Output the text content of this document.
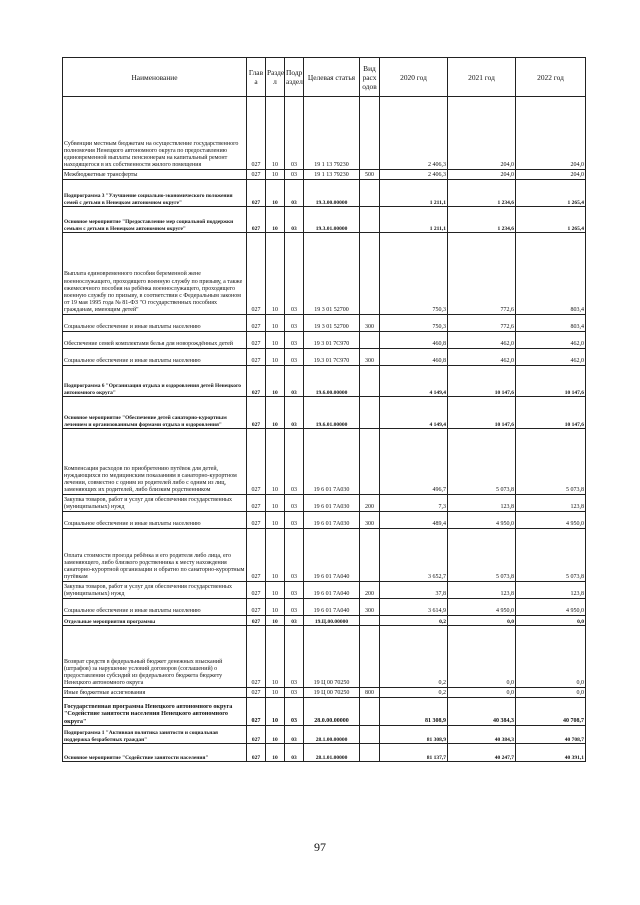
Наименование	Глав а	Разде л	Подр аздел	Целевая статья	Вид расх одов	2020 год	2021 год	2022 год
Субвенции местным бюджетам на осуществление государственного полномочия Ненецкого автономного округа по предоставлению единовременной выплаты пенсионерам на капитальный ремонт находящегося в их собственности жилого помещения	027	10	03	19 1 13 79230		2 406,3	204,0	204,0
Межбюджетные трансферты	027	10	03	19 1 13 79230	500	2 406,3	204,0	204,0
Подпрограмма 3 "Улучшение социально-экономического положения семей с детьми в Ненецком автономном округе"	027	10	03	19.3.00.00000		1 211,1	1 234,6	1 265,4
Основное мероприятие "Предоставление мер социальной поддержки семьям с детьми в Ненецком автономном округе"	027	10	03	19.3.01.00000		1 211,1	1 234,6	1 265,4
Выплата единовременного пособия беременной жене военнослужащего, проходящего военную службу по призыву, а также ежемесячного пособия на ребёнка военнослужащего, проходящего военную службу по призыву, в соответствии с Федеральным законом от 19 мая 1995 года № 81-ФЗ "О государственных пособиях гражданам, имеющим детей"	027	10	03	19 3 01 52700		750,3	772,6	803,4
Социальное обеспечение и иные выплаты населению	027	10	03	19 3 01 52700	300	750,3	772,6	803,4
Обеспечение семей комплектами белья для новорождённых детей	027	10	03	19 3 01 7С970		460,8	462,0	462,0
Социальное обеспечение и иные выплаты населению	027	10	03	19.3 01 7С970	300	460,8	462,0	462,0
Подпрограмма 6 "Организация отдыха и оздоровления детей Ненецкого автономного округа"	027	10	03	19.6.00.00000		4 149,4	10 147,6	10 147,6
Основное мероприятие "Обеспечение детей санаторно-курортным лечением и организованными формами отдыха и оздоровления"	027	10	03	19.6.01.00000		4 149,4	10 147,6	10 147,6
Компенсация расходов по приобретению путёвок для детей, нуждающихся по медицинским показаниям в санаторно-курортном лечении, совместно с одним из родителей либо с одним из лиц, заменяющих их родителей, либо близким родственником	027	10	03	19 6 01 7А030		496,7	5 073,8	5 073,8
Закупка товаров, работ и услуг для обеспечения государственных (муниципальных) нужд	027	10	03	19 6 01 7А030	200	7,3	123,8	123,8
Социальное обеспечение и иные выплаты населению	027	10	03	19 6 01 7А030	300	489,4	4 950,0	4 950,0
Оплата стоимости проезда ребёнка и его родителя либо лица, его заменяющего, либо близкого родственника к месту нахождения санаторно-курортной организации и обратно по санаторно-курортным путёвкам	027	10	03	19 6 01 7А040		3 652,7	5 073,8	5 073,8
Закупка товаров, работ и услуг для обеспечения государственных (муниципальных) нужд	027	10	03	19 6 01 7А040	200	37,8	123,8	123,8
Социальное обеспечение и иные выплаты населению	027	10	03	19 6 01 7А040	300	3 614,9	4 950,0	4 950,0
Отдельные мероприятия программы	027	10	03	19.Ц.00.00000		0,2	0,0	0,0
Возврат средств в федеральный бюджет денежных взысканий (штрафов) за нарушение условий договоров (соглашений) о предоставлении субсидий из федерального бюджета бюджету Ненецкого автономного округа	027	10	03	19 Ц 00 70250		0,2	0,0	0,0
Иные бюджетные ассигнования	027	10	03	19 Ц 00 70250	800	0,2	0,0	0,0
Государственная программа Ненецкого автономного округа "Содействие занятости населения Ненецкого автономного округа"	027	10	03	28.0.00.00000		81 308,9	40 384,3	40 708,7
Подпрограмма 1 "Активная политика занятости и социальная поддержка безработных граждан"	027	10	03	28.1.00.00000		81 308,9	40 384,3	40 708,7
Основное мероприятие "Содействие занятости населения"	027	10	03	28.1.01.00000		81 137,7	40 247,7	40 391,1
97
